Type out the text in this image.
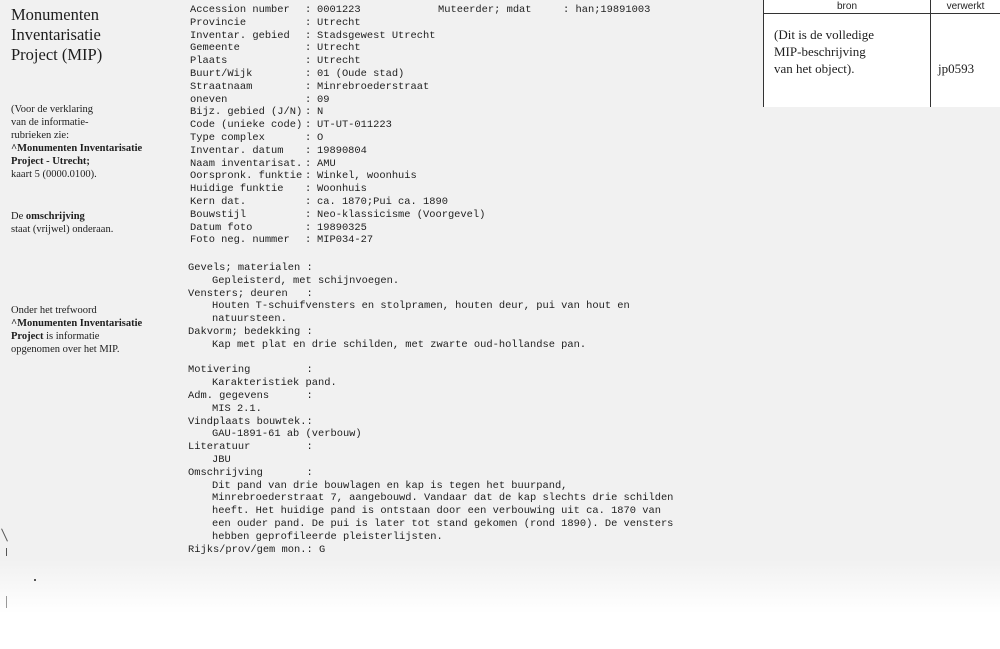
Monumenten
Inventarisatie
Project (MIP)
(Voor de verklaring
van de informatie-
rubrieken zie:
^Monumenten Inventarisatie
Project - Utrecht;
kaart 5 (0000.0100).
De omschrijving
staat (vrijwel) onderaan.
Onder het trefwoord
^Monumenten Inventarisatie
Project is informatie
opgenomen over het MIP.
Accession number : 0001223
Provincie	: Utrecht
Inventar. gebied : Stadsgewest Utrecht
Gemeente	: Utrecht
Plaats	: Utrecht
Buurt/Wijk	: 01 (Oude stad)
Straatnaam	: Minrebroederstraat
oneven	: 09
Bijz. gebied (J/N) : N
Code (unieke code) : UT-UT-011223
Type complex	: O
Inventar. datum : 19890804
Naam inventarisat. : AMU
Oorspronk. funktie : Winkel, woonhuis
Huidige funktie : Woonhuis
Kern dat.	: ca. 1870;Pui ca. 1890
Bouwstijl	: Neo-klassicisme (Voorgevel)
Datum foto	: 19890325
Foto neg. nummer : MIP034-27
Muteerder; mdat	: han;19891003
Gevels; materialen :
Gepleisterd, met schijnvoegen.
Vensters; deuren   :
Houten T-schuifvensters en stolpramen, houten deur, pui van hout en
natuursteen.
Dakvorm; bedekking :
Kap met plat en drie schilden, met zwarte oud-hollandse pan.
Motivering         :
Karakteristiek pand.
Adm. gegevens      :
MIS 2.1.
Vindplaats bouwtek.:
GAU-1891-61 ab (verbouw)
Literatuur         :
JBU
Omschrijving       :
Dit pand van drie bouwlagen en kap is tegen het buurpand,
Minrebroederstraat 7, aangebouwd. Vandaar dat de kap slechts drie schilden
heeft. Het huidige pand is ontstaan door een verbouwing uit ca. 1870 van
een ouder pand. De pui is later tot stand gekomen (rond 1890). De vensters
hebben geprofileerde pleisterlijsten.
Rijks/prov/gem mon.: G
bron	verwerkt
(Dit is de volledige
MIP-beschrijving
van het object).	jp0593
